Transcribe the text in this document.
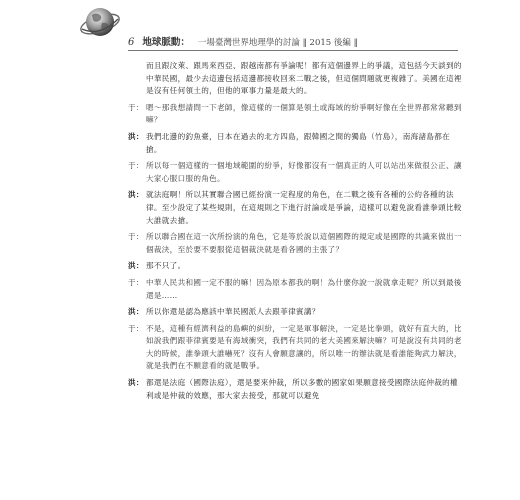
6 地球脈動： 一場臺灣世界地理學的討論 ‖ 2015 後編 ‖
而且跟汶萊、跟馬來西亞、跟越南都有爭論呢！都有這個邊界上的爭議，這包括今天談到的中華民國，最少去這邊包括這邊都接收回來二戰之後，但這個問題就更複雜了。美國在這裡是沒有任何領土的，但他的軍事力量是最大的。
于： 嗯～那我想請問一下老師，像這樣的一個算是領土或海域的紛爭啊好像在全世界都常常聽到嘛？
洪： 我們北邊的釣魚臺，日本在過去的北方四島，跟韓國之間的獨島（竹島），南海諸島都在搶。
于： 所以每一個這樣的一個地域範圍的紛爭，好像都沒有一個真正的人可以站出來做很公正、讓大家心服口服的角色。
洪： 就法庭啊！所以其實聯合國已經扮演一定程度的角色，在二戰之後有各種的公約各種的法律。至少設定了某些規則，在這規則之下進行討論或是爭論，這樣可以避免說看誰拳頭比較大誰就去搶。
于： 所以聯合國在這一次所扮演的角色，它是等於說以這個國際的規定或是國際的共識來做出一個裁決，至於要不要服從這個裁決就是看各國的主張了？
洪： 那不只了。
于： 中華人民共和國一定不服的嘛！因為原本都我的啊！為什麼你說一說就拿走呢？所以到最後還是……
洪： 所以你還是認為應該中華民國派人去跟菲律賓講？
于： 不是，這種有經濟利益的島嶼的糾紛，一定是軍事解決，一定是比拳頭，就好有直大的，比如說我們跟菲律賓要是有海域衝突，我們有共同的老大美國來解決嘛？可是說沒有共同的老大的時候，誰拳頭大誰嚇死？沒有人會願意讓的，所以唯一的辦法就是看誰能夠武力解決，就是我們在不願意看的就是戰爭。
洪： 都還是法庭（國際法庭），還是要來仲裁，所以多數的國家如果願意接受國際法庭仲裁的權利或是仲裁的效應，那大家去接受，那就可以避免
